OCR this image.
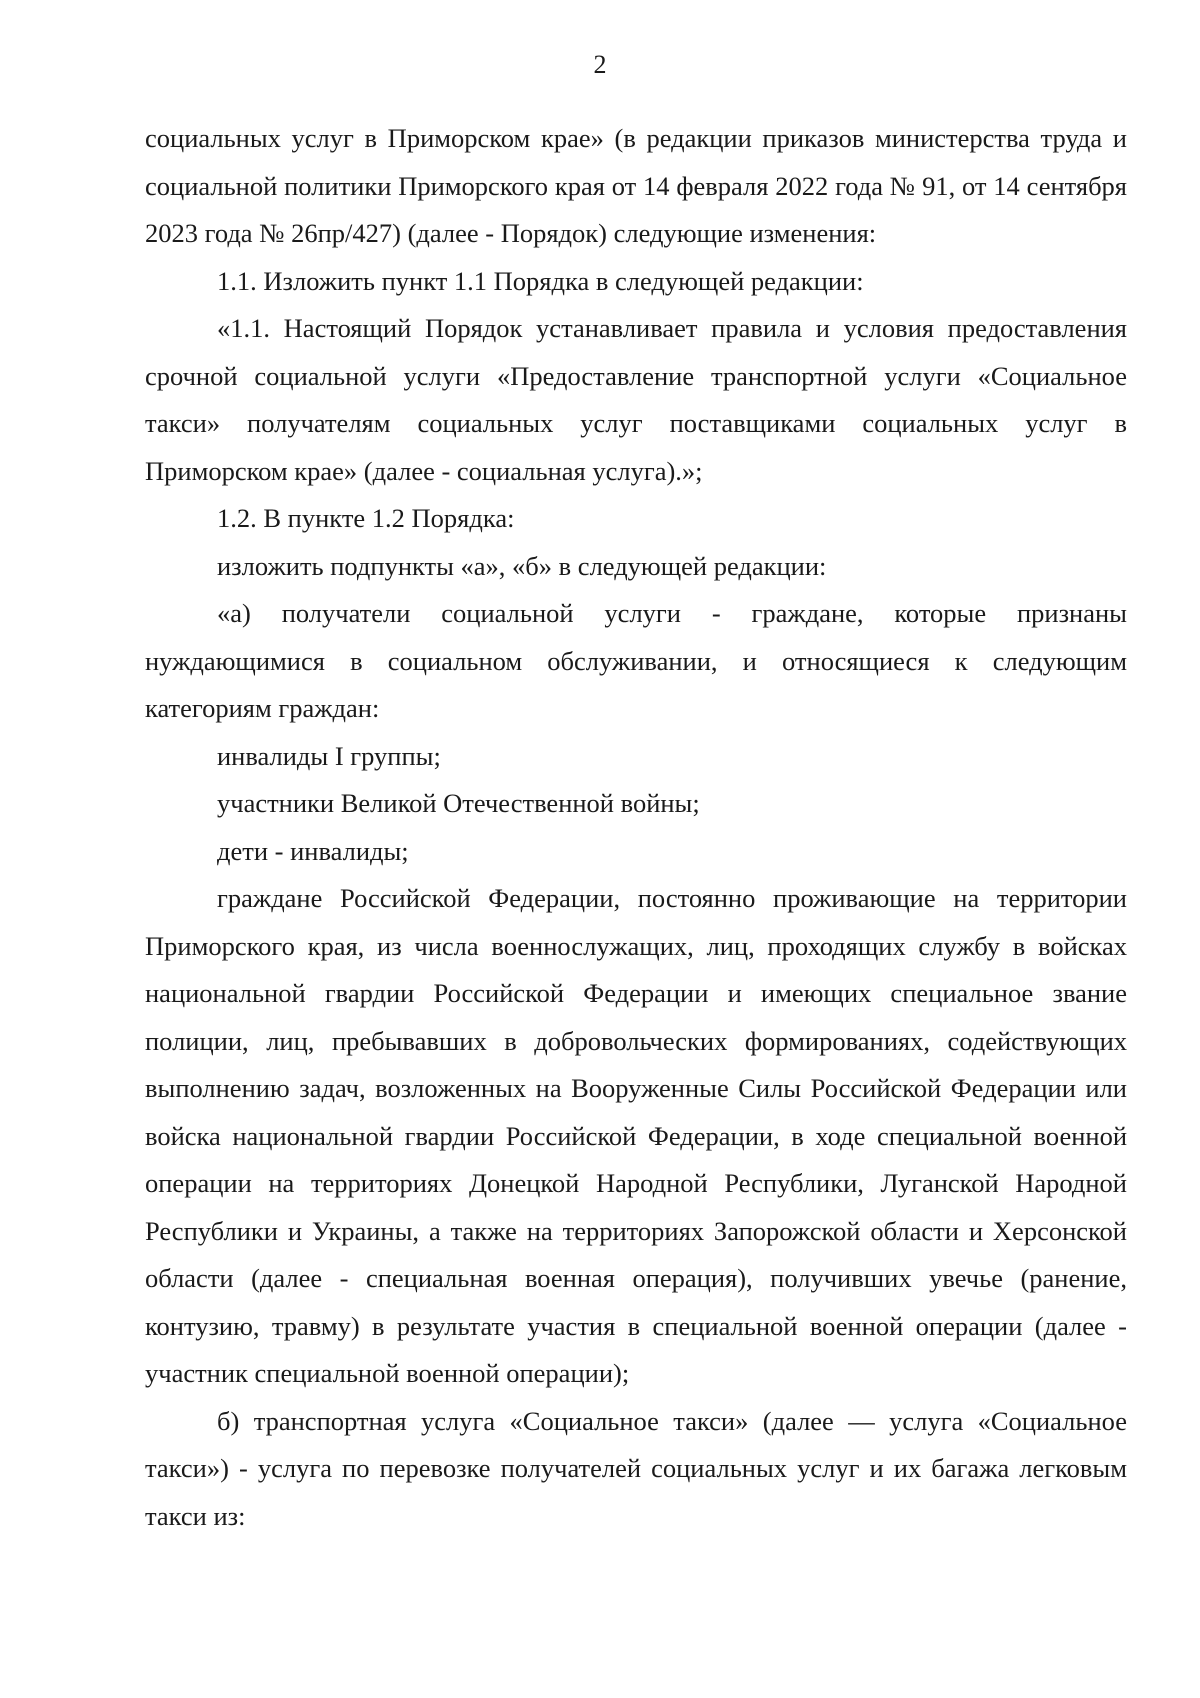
2

социальных услуг в Приморском крае» (в редакции приказов министерства труда и социальной политики Приморского края от 14 февраля 2022 года № 91, от 14 сентября 2023 года № 26пр/427) (далее - Порядок) следующие изменения:

1.1. Изложить пункт 1.1 Порядка в следующей редакции:

«1.1. Настоящий Порядок устанавливает правила и условия предоставления срочной социальной услуги «Предоставление транспортной услуги «Социальное такси» получателям социальных услуг поставщиками социальных услуг в Приморском крае» (далее - социальная услуга).»;

1.2. В пункте 1.2 Порядка:

изложить подпункты «а», «б» в следующей редакции:

«а) получатели социальной услуги - граждане, которые признаны нуждающимися в социальном обслуживании, и относящиеся к следующим категориям граждан:

инвалиды I группы;

участники Великой Отечественной войны;

дети - инвалиды;

граждане Российской Федерации, постоянно проживающие на территории Приморского края, из числа военнослужащих, лиц, проходящих службу в войсках национальной гвардии Российской Федерации и имеющих специальное звание полиции, лиц, пребывавших в добровольческих формированиях, содействующих выполнению задач, возложенных на Вооруженные Силы Российской Федерации или войска национальной гвардии Российской Федерации, в ходе специальной военной операции на территориях Донецкой Народной Республики, Луганской Народной Республики и Украины, а также на территориях Запорожской области и Херсонской области (далее - специальная военная операция), получивших увечье (ранение, контузию, травму) в результате участия в специальной военной операции (далее - участник специальной военной операции);

б) транспортная услуга «Социальное такси» (далее — услуга «Социальное такси») - услуга по перевозке получателей социальных услуг и их багажа легковым такси из:
